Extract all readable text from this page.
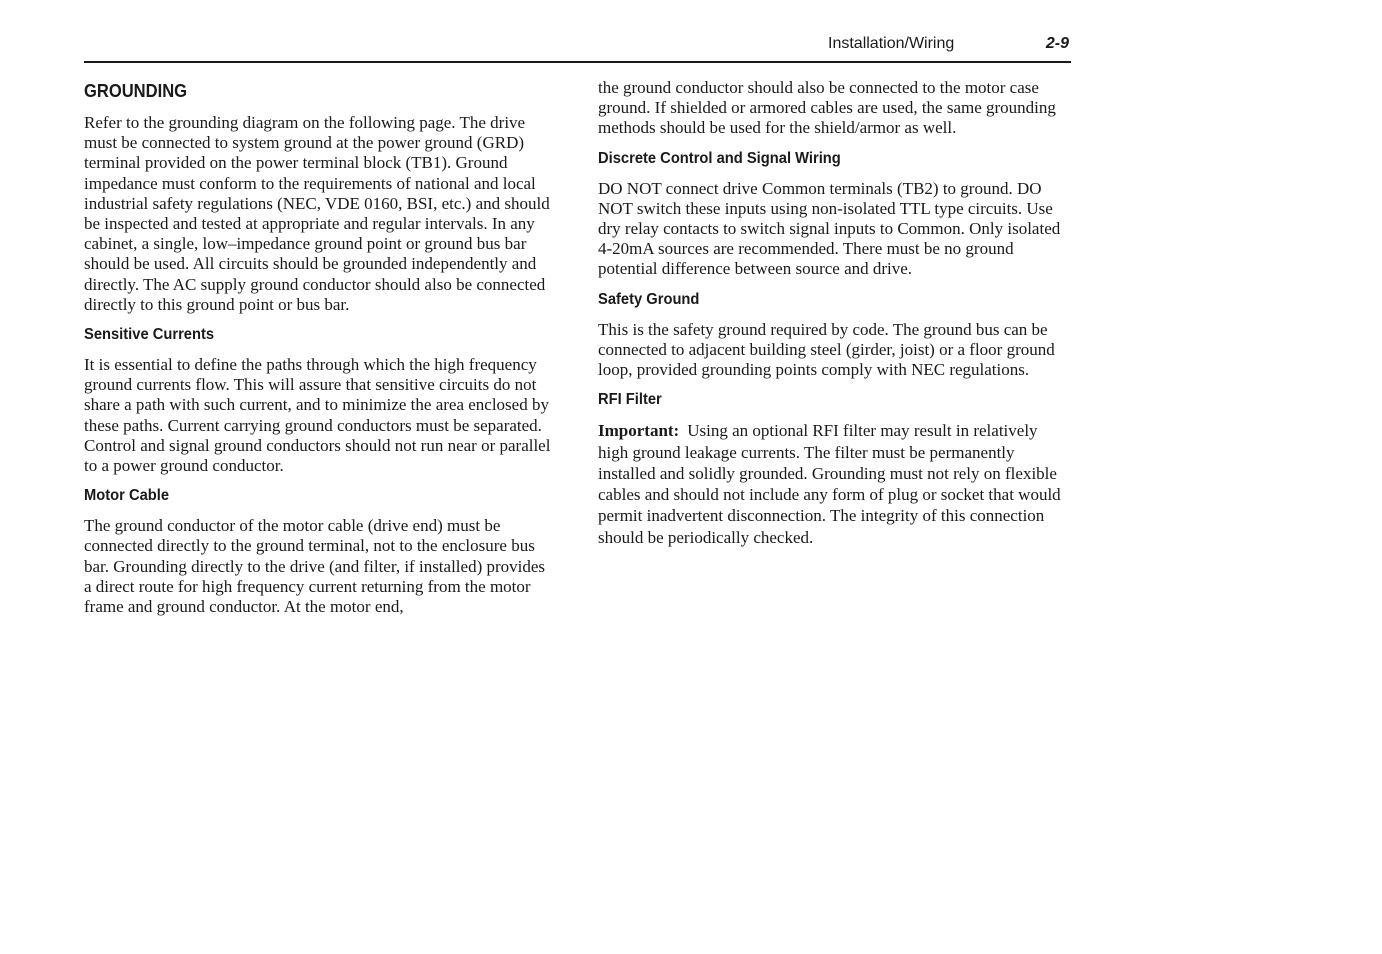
Installation/Wiring	2-9
GROUNDING

Refer to the grounding diagram on the following page. The drive must be connected to system ground at the power ground (GRD) terminal provided on the power terminal block (TB1). Ground impedance must conform to the requirements of national and local industrial safety regulations (NEC, VDE 0160, BSI, etc.) and should be inspected and tested at appropriate and regular intervals. In any cabinet, a single, low–impedance ground point or ground bus bar should be used. All circuits should be grounded independently and directly. The AC supply ground conductor should also be connected directly to this ground point or bus bar.

Sensitive Currents

It is essential to define the paths through which the high frequency ground currents flow. This will assure that sensitive circuits do not share a path with such current, and to minimize the area enclosed by these paths. Current carrying ground conductors must be separated. Control and signal ground conductors should not run near or parallel to a power ground conductor.

Motor Cable

The ground conductor of the motor cable (drive end) must be connected directly to the ground terminal, not to the enclosure bus bar. Grounding directly to the drive (and filter, if installed) provides a direct route for high frequency current returning from the motor frame and ground conductor. At the motor end,

the ground conductor should also be connected to the motor case ground. If shielded or armored cables are used, the same grounding methods should be used for the shield/armor as well.

Discrete Control and Signal Wiring

DO NOT connect drive Common terminals (TB2) to ground. DO NOT switch these inputs using non-isolated TTL type circuits. Use dry relay contacts to switch signal inputs to Common. Only isolated 4-20mA sources are recommended. There must be no ground potential difference between source and drive.

Safety Ground

This is the safety ground required by code. The ground bus can be connected to adjacent building steel (girder, joist) or a floor ground loop, provided grounding points comply with NEC regulations.

RFI Filter

Important: Using an optional RFI filter may result in relatively high ground leakage currents. The filter must be permanently installed and solidly grounded. Grounding must not rely on flexible cables and should not include any form of plug or socket that would permit inadvertent disconnection. The integrity of this connection should be periodically checked.
